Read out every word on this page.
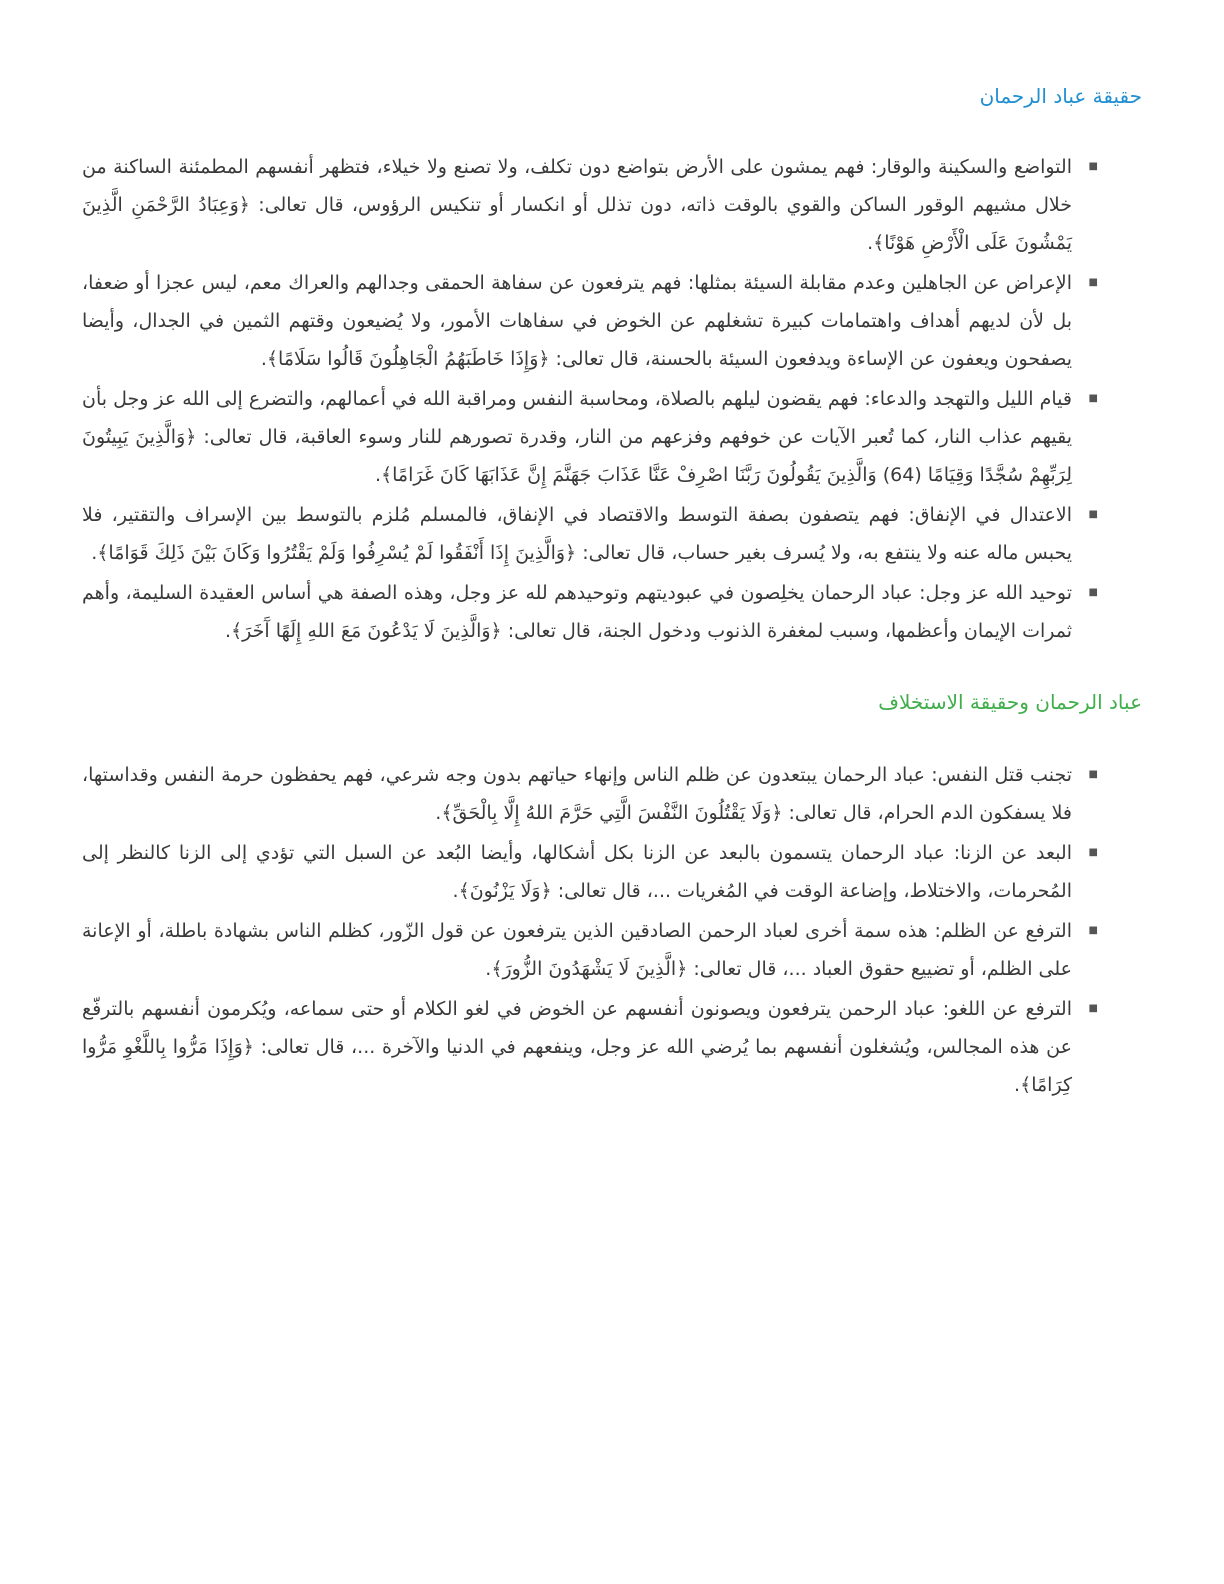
حقيقة عباد الرحمان
■
التواضع والسكينة والوقار: فهم يمشون على الأرض بتواضع دون تكلف، ولا تصنع ولا خيلاء، فتظهر أنفسهم المطمئنة الساكنة من خلال مشيهم الوقور الساكن والقوي بالوقت ذاته، دون تذلل أو انكسار أو تنكيس الرؤوس، قال تعالى: ﴿وَعِبَادُ الرَّحْمَنِ الَّذِينَ يَمْشُونَ عَلَى الْأَرْضِ هَوْنًا﴾.
■
الإعراض عن الجاهلين وعدم مقابلة السيئة بمثلها: فهم يترفعون عن سفاهة الحمقى وجدالهم والعراك معم، ليس عجزا أو ضعفا، بل لأن لديهم أهداف واهتمامات كبيرة تشغلهم عن الخوض في سفاهات الأمور، ولا يُضيعون وقتهم الثمين في الجدال، وأيضا يصفحون ويعفون عن الإساءة ويدفعون السيئة بالحسنة، قال تعالى: ﴿وَإِذَا خَاطَبَهُمُ الْجَاهِلُونَ قَالُوا سَلَامًا﴾.
■
قيام الليل والتهجد والدعاء: فهم يقضون ليلهم بالصلاة، ومحاسبة النفس ومراقبة الله في أعمالهم، والتضرع إلى الله عز وجل بأن يقيهم عذاب النار، كما تُعبر الآيات عن خوفهم وفزعهم من النار، وقدرة تصورهم للنار وسوء العاقبة، قال تعالى: ﴿وَالَّذِينَ يَبِيتُونَ لِرَبِّهِمْ سُجَّدًا وَقِيَامًا (64) وَالَّذِينَ يَقُولُونَ رَبَّنَا اصْرِفْ عَنَّا عَذَابَ جَهَنَّمَ إِنَّ عَذَابَهَا كَانَ غَرَامًا﴾.
■
الاعتدال في الإنفاق: فهم يتصفون بصفة التوسط والاقتصاد في الإنفاق، فالمسلم مُلزم بالتوسط بين الإسراف والتقتير، فلا يحبس ماله عنه ولا ينتفع به، ولا يُسرف بغير حساب، قال تعالى: ﴿وَالَّذِينَ إِذَا أَنْفَقُوا لَمْ يُسْرِفُوا وَلَمْ يَقْتُرُوا وَكَانَ بَيْنَ ذَلِكَ قَوَامًا﴾.
■
توحيد الله عز وجل: عباد الرحمان يخلِصون في عبوديتهم وتوحيدهم لله عز وجل، وهذه الصفة هي أساس العقيدة السليمة، وأهم ثمرات الإيمان وأعظمها، وسبب لمغفرة الذنوب ودخول الجنة، قال تعالى: ﴿وَالَّذِينَ لَا يَدْعُونَ مَعَ اللهِ إِلَهًا آَخَرَ﴾.
عباد الرحمان وحقيقة الاستخلاف
■
تجنب قتل النفس: عباد الرحمان يبتعدون عن ظلم الناس وإنهاء حياتهم بدون وجه شرعي، فهم يحفظون حرمة النفس وقداستها، فلا يسفكون الدم الحرام، قال تعالى: ﴿وَلَا يَقْتُلُونَ النَّفْسَ الَّتِي حَرَّمَ اللهُ إِلَّا بِالْحَقِّ﴾.
■
البعد عن الزنا: عباد الرحمان يتسمون بالبعد عن الزنا بكل أشكالها، وأيضا البُعد عن السبل التي تؤدي إلى الزنا كالنظر إلى المُحرمات، والاختلاط، وإضاعة الوقت في المُغريات ...، قال تعالى: ﴿وَلَا يَزْنُونَ﴾.
■
الترفع عن الظلم: هذه سمة أخرى لعباد الرحمن الصادقين الذين يترفعون عن قول الزّور، كظلم الناس بشهادة باطلة، أو الإعانة على الظلم، أو تضييع حقوق العباد ...، قال تعالى: ﴿الَّذِينَ لَا يَشْهَدُونَ الزُّورَ﴾.
■
الترفع عن اللغو: عباد الرحمن يترفعون ويصونون أنفسهم عن الخوض في لغو الكلام أو حتى سماعه، ويُكرمون أنفسهم بالترفّع عن هذه المجالس، ويُشغلون أنفسهم بما يُرضي الله عز وجل، وينفعهم في الدنيا والآخرة ...، قال تعالى: ﴿وَإِذَا مَرُّوا بِاللَّغْوِ مَرُّوا كِرَامًا﴾.
